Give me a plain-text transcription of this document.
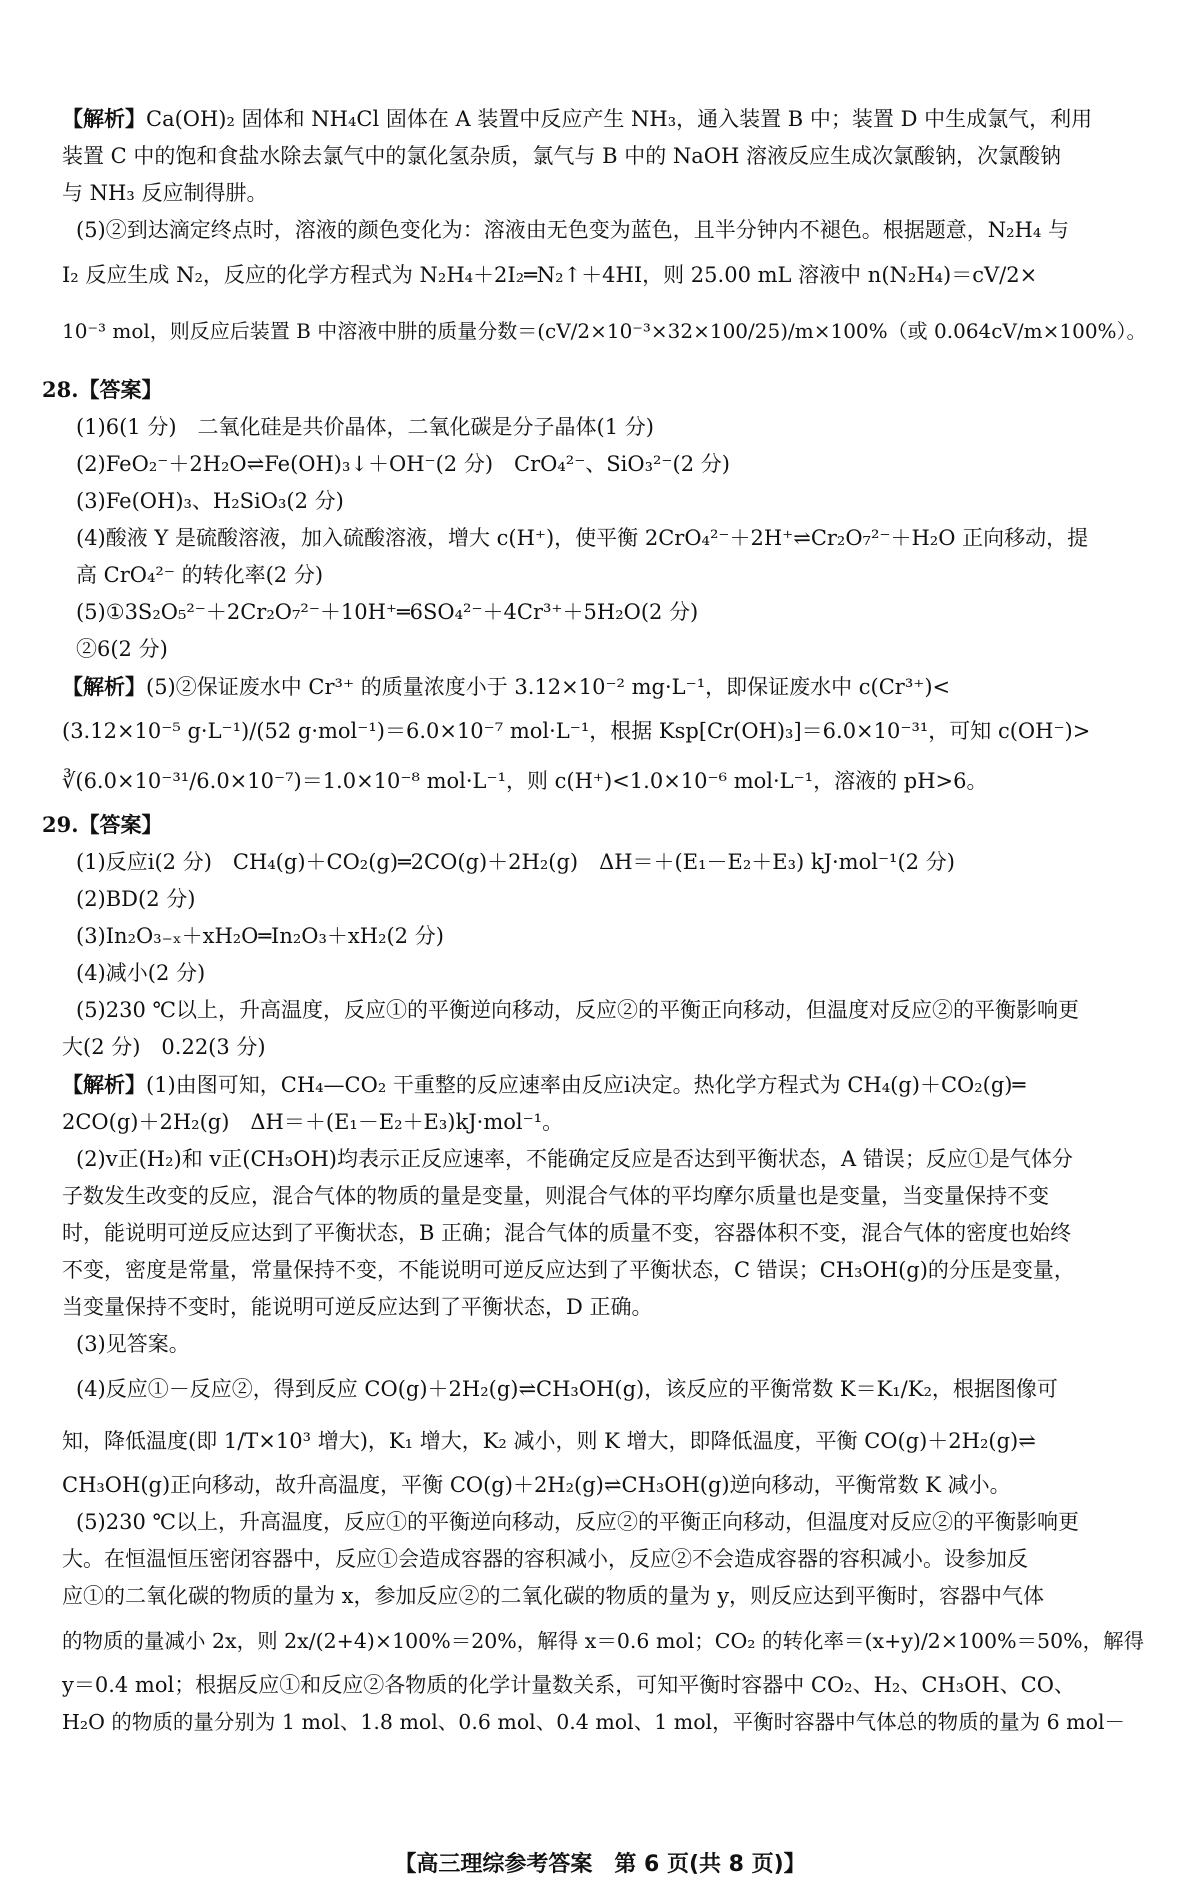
【解析】Ca(OH)₂ 固体和 NH₄Cl 固体在 A 装置中反应产生 NH₃，通入装置 B 中；装置 D 中生成氯气，利用
装置 C 中的饱和食盐水除去氯气中的氯化氢杂质，氯气与 B 中的 NaOH 溶液反应生成次氯酸钠，次氯酸钠
与 NH₃ 反应制得肼。
(5)②到达滴定终点时，溶液的颜色变化为：溶液由无色变为蓝色，且半分钟内不褪色。根据题意，N₂H₄ 与
I₂ 反应生成 N₂，反应的化学方程式为 N₂H₄＋2I₂═N₂↑＋4HI，则 25.00 mL 溶液中 n(N₂H₄)＝cV/2×
10⁻³ mol，则反应后装置 B 中溶液中肼的质量分数＝(cV/2×10⁻³×32×100/25)/m×100%（或 0.064cV/m×100%）。
28.【答案】
(1)6(1 分)　二氧化硅是共价晶体，二氧化碳是分子晶体(1 分)
(2)FeO₂⁻＋2H₂O⇌Fe(OH)₃↓＋OH⁻(2 分)　CrO₄²⁻、SiO₃²⁻(2 分)
(3)Fe(OH)₃、H₂SiO₃(2 分)
(4)酸液 Y 是硫酸溶液，加入硫酸溶液，增大 c(H⁺)，使平衡 2CrO₄²⁻＋2H⁺⇌Cr₂O₇²⁻＋H₂O 正向移动，提
高 CrO₄²⁻ 的转化率(2 分)
(5)①3S₂O₅²⁻＋2Cr₂O₇²⁻＋10H⁺═6SO₄²⁻＋4Cr³⁺＋5H₂O(2 分)
②6(2 分)
【解析】(5)②保证废水中 Cr³⁺ 的质量浓度小于 3.12×10⁻² mg·L⁻¹，即保证废水中 c(Cr³⁺)<
(3.12×10⁻⁵ g·L⁻¹)/(52 g·mol⁻¹)＝6.0×10⁻⁷ mol·L⁻¹，根据 Ksp[Cr(OH)₃]＝6.0×10⁻³¹，可知 c(OH⁻)>
∛(6.0×10⁻³¹/6.0×10⁻⁷)＝1.0×10⁻⁸ mol·L⁻¹，则 c(H⁺)<1.0×10⁻⁶ mol·L⁻¹，溶液的 pH>6。
29.【答案】
(1)反应ⅰ(2 分)　CH₄(g)＋CO₂(g)═2CO(g)＋2H₂(g)　ΔH＝＋(E₁－E₂＋E₃) kJ·mol⁻¹(2 分)
(2)BD(2 分)
(3)In₂O₃₋ₓ＋xH₂O═In₂O₃＋xH₂(2 分)
(4)减小(2 分)
(5)230 ℃以上，升高温度，反应①的平衡逆向移动，反应②的平衡正向移动，但温度对反应②的平衡影响更
大(2 分)　0.22(3 分)
【解析】(1)由图可知，CH₄—CO₂ 干重整的反应速率由反应ⅰ决定。热化学方程式为 CH₄(g)＋CO₂(g)═
2CO(g)＋2H₂(g)　ΔH＝＋(E₁－E₂＋E₃)kJ·mol⁻¹。
(2)v正(H₂)和 v正(CH₃OH)均表示正反应速率，不能确定反应是否达到平衡状态，A 错误；反应①是气体分
子数发生改变的反应，混合气体的物质的量是变量，则混合气体的平均摩尔质量也是变量，当变量保持不变
时，能说明可逆反应达到了平衡状态，B 正确；混合气体的质量不变，容器体积不变，混合气体的密度也始终
不变，密度是常量，常量保持不变，不能说明可逆反应达到了平衡状态，C 错误；CH₃OH(g)的分压是变量，
当变量保持不变时，能说明可逆反应达到了平衡状态，D 正确。
(3)见答案。
(4)反应①－反应②，得到反应 CO(g)＋2H₂(g)⇌CH₃OH(g)，该反应的平衡常数 K＝K₁/K₂，根据图像可
知，降低温度(即 1/T×10³ 增大)，K₁ 增大，K₂ 减小，则 K 增大，即降低温度，平衡 CO(g)＋2H₂(g)⇌
CH₃OH(g)正向移动，故升高温度，平衡 CO(g)＋2H₂(g)⇌CH₃OH(g)逆向移动，平衡常数 K 减小。
(5)230 ℃以上，升高温度，反应①的平衡逆向移动，反应②的平衡正向移动，但温度对反应②的平衡影响更
大。在恒温恒压密闭容器中，反应①会造成容器的容积减小，反应②不会造成容器的容积减小。设参加反
应①的二氧化碳的物质的量为 x，参加反应②的二氧化碳的物质的量为 y，则反应达到平衡时，容器中气体
的物质的量减小 2x，则 2x/(2+4)×100%＝20%，解得 x＝0.6 mol；CO₂ 的转化率＝(x+y)/2×100%＝50%，解得
y＝0.4 mol；根据反应①和反应②各物质的化学计量数关系，可知平衡时容器中 CO₂、H₂、CH₃OH、CO、
H₂O 的物质的量分别为 1 mol、1.8 mol、0.6 mol、0.4 mol、1 mol，平衡时容器中气体总的物质的量为 6 mol－
【高三理综参考答案　第 6 页(共 8 页)】
